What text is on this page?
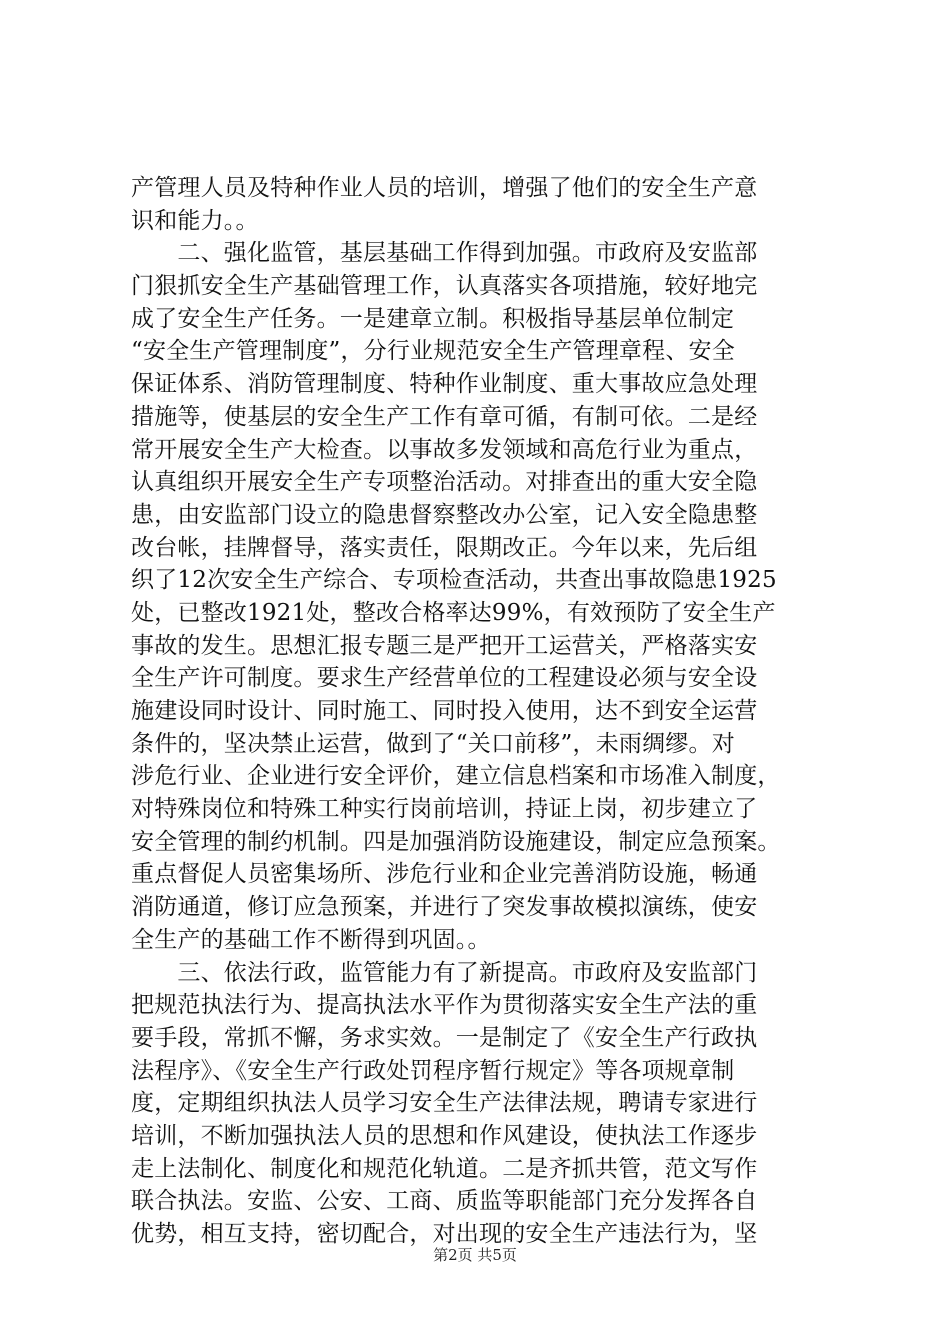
产管理人员及特种作业人员的培训，增强了他们的安全生产意
识和能力。。
　　二、强化监管，基层基础工作得到加强。市政府及安监部
门狠抓安全生产基础管理工作，认真落实各项措施，较好地完
成了安全生产任务。一是建章立制。积极指导基层单位制定
“安全生产管理制度”，分行业规范安全生产管理章程、安全
保证体系、消防管理制度、特种作业制度、重大事故应急处理
措施等，使基层的安全生产工作有章可循，有制可依。二是经
常开展安全生产大检查。以事故多发领域和高危行业为重点，
认真组织开展安全生产专项整治活动。对排查出的重大安全隐
患，由安监部门设立的隐患督察整改办公室，记入安全隐患整
改台帐，挂牌督导，落实责任，限期改正。今年以来，先后组
织了12次安全生产综合、专项检查活动，共查出事故隐患1925
处，已整改1921处，整改合格率达99%，有效预防了安全生产
事故的发生。思想汇报专题三是严把开工运营关，严格落实安
全生产许可制度。要求生产经营单位的工程建设必须与安全设
施建设同时设计、同时施工、同时投入使用，达不到安全运营
条件的，坚决禁止运营，做到了“关口前移”，未雨绸缪。对
涉危行业、企业进行安全评价，建立信息档案和市场准入制度，
对特殊岗位和特殊工种实行岗前培训，持证上岗，初步建立了
安全管理的制约机制。四是加强消防设施建设，制定应急预案。
重点督促人员密集场所、涉危行业和企业完善消防设施，畅通
消防通道，修订应急预案，并进行了突发事故模拟演练，使安
全生产的基础工作不断得到巩固。。
　　三、依法行政，监管能力有了新提高。市政府及安监部门
把规范执法行为、提高执法水平作为贯彻落实安全生产法的重
要手段，常抓不懈，务求实效。一是制定了《安全生产行政执
法程序》、《安全生产行政处罚程序暂行规定》等各项规章制
度，定期组织执法人员学习安全生产法律法规，聘请专家进行
培训，不断加强执法人员的思想和作风建设，使执法工作逐步
走上法制化、制度化和规范化轨道。二是齐抓共管，范文写作
联合执法。安监、公安、工商、质监等职能部门充分发挥各自
优势，相互支持，密切配合，对出现的安全生产违法行为，坚
第2页 共5页
